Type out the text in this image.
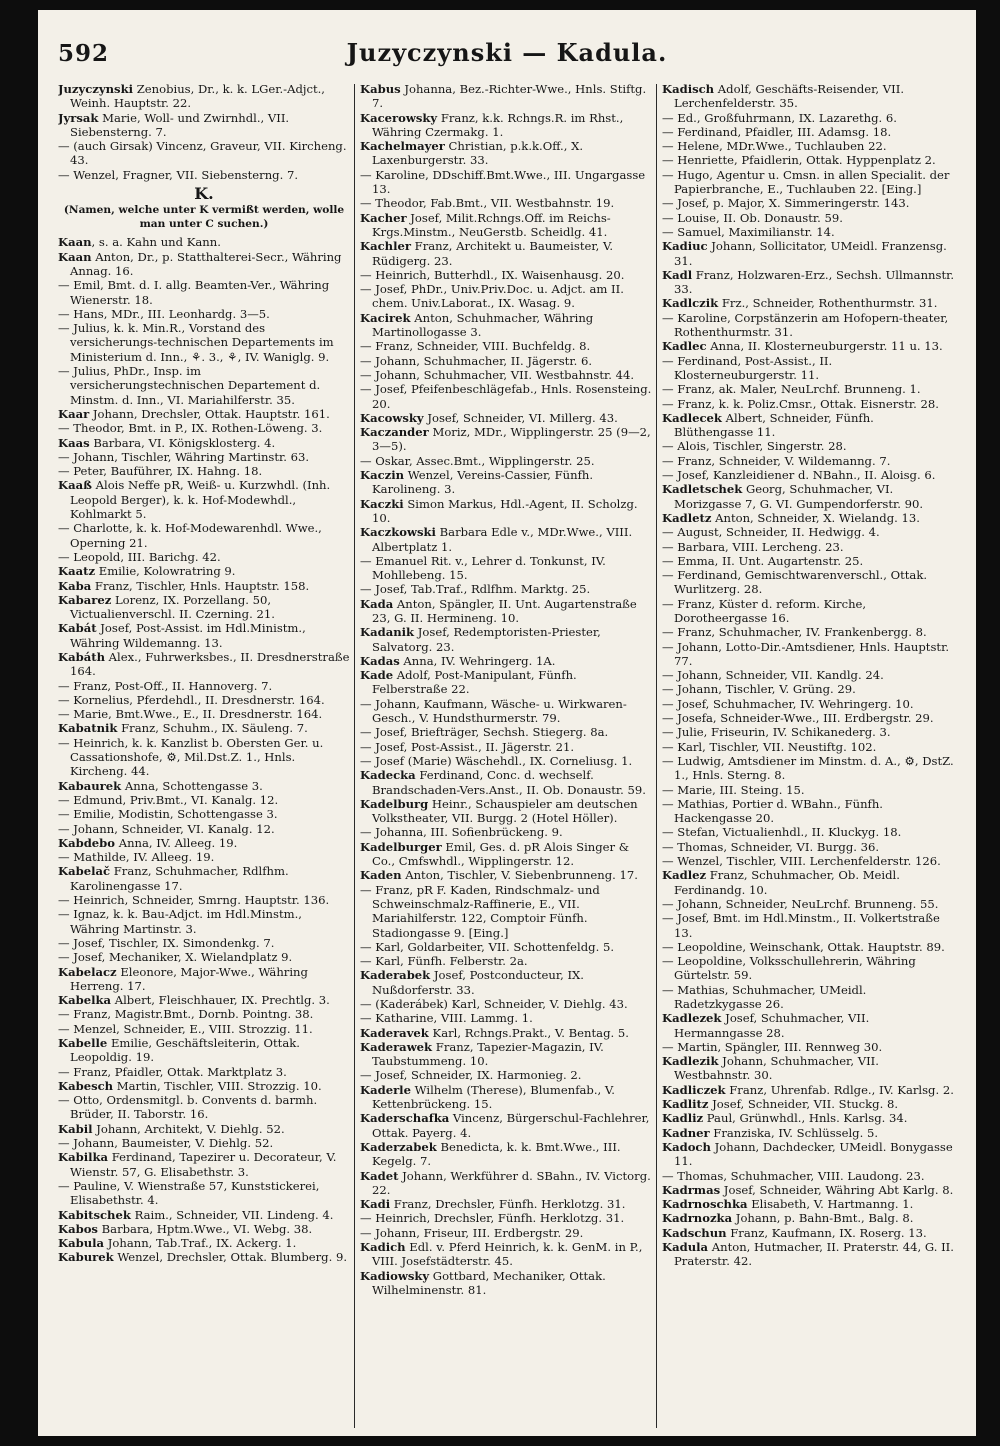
592	Juzyczynski — Kadula.

Juzyczynski Zenobius, Dr., k. k. LGer.-Adjct., Weinh. Hauptstr. 22.

Jyrsak Marie, Woll- und Zwirnhdl., VII. Siebensterng. 7.

— (auch Girsak) Vincenz, Graveur, VII. Kircheng. 43.

— Wenzel, Fragner, VII. Siebensterng. 7.

K.
(Namen, welche unter K vermißt werden, wolle man unter C suchen.)

Kaan, s. a. Kahn und Kann.

Kaan Anton, Dr., p. Statthalterei-Secr., Währing Annag. 16.

— Emil, Bmt. d. I. allg. Beamten-Ver., Währing Wienerstr. 18.

— Hans, MDr., III. Leonhardg. 3—5.

— Julius, k. k. Min.R., Vorstand des versicherungs-technischen Departements im Ministerium d. Inn., ⚘. 3., ⚘, IV. Waniglg. 9.

— Julius, PhDr., Insp. im versicherungstechnischen Departement d. Minstm. d. Inn., VI. Mariahilferstr. 35.

Kaar Johann, Drechsler, Ottak. Hauptstr. 161.

— Theodor, Bmt. in P., IX. Rothen-Löweng. 3.

Kaas Barbara, VI. Königsklosterg. 4.

— Johann, Tischler, Währing Martinstr. 63.

— Peter, Bauführer, IX. Hahng. 18.

Kaaß Alois Neffe pR, Weiß- u. Kurzwhdl. (Inh. Leopold Berger), k. k. Hof-Modewhdl., Kohlmarkt 5.

— Charlotte, k. k. Hof-Modewarenhdl. Wwe., Operning 21.

— Leopold, III. Barichg. 42.

Kaatz Emilie, Kolowratring 9.

Kaba Franz, Tischler, Hnls. Hauptstr. 158.

Kabarez Lorenz, IX. Porzellang. 50, Victualienverschl. II. Czerning. 21.

Kabát Josef, Post-Assist. im Hdl.Ministm., Währing Wildemanng. 13.

Kabáth Alex., Fuhrwerksbes., II. Dresdnerstraße 164.

— Franz, Post-Off., II. Hannoverg. 7.

— Kornelius, Pferdehdl., II. Dresdnerstr. 164.

— Marie, Bmt.Wwe., E., II. Dresdnerstr. 164.

Kabatnik Franz, Schuhm., IX. Säuleng. 7.

— Heinrich, k. k. Kanzlist b. Obersten Ger. u. Cassationshofe, ⚙, Mil.Dst.Z. 1., Hnls. Kircheng. 44.

Kabaurek Anna, Schottengasse 3.

— Edmund, Priv.Bmt., VI. Kanalg. 12.

— Emilie, Modistin, Schottengasse 3.

— Johann, Schneider, VI. Kanalg. 12.

Kabdebo Anna, IV. Alleeg. 19.

— Mathilde, IV. Alleeg. 19.

Kabelač Franz, Schuhmacher, Rdlfhm. Karolinengasse 17.

— Heinrich, Schneider, Smrng. Hauptstr. 136.

— Ignaz, k. k. Bau-Adjct. im Hdl.Minstm., Währing Martinstr. 3.

— Josef, Tischler, IX. Simondenkg. 7.

— Josef, Mechaniker, X. Wielandplatz 9.

Kabelacz Eleonore, Major-Wwe., Währing Herreng. 17.

Kabelka Albert, Fleischhauer, IX. Prechtlg. 3.

— Franz, Magistr.Bmt., Dornb. Pointng. 38.

— Menzel, Schneider, E., VIII. Strozzig. 11.

Kabelle Emilie, Geschäftsleiterin, Ottak. Leopoldig. 19.

— Franz, Pfaidler, Ottak. Marktplatz 3.

Kabesch Martin, Tischler, VIII. Strozzig. 10.

— Otto, Ordensmitgl. b. Convents d. barmh. Brüder, II. Taborstr. 16.

Kabil Johann, Architekt, V. Diehlg. 52.

— Johann, Baumeister, V. Diehlg. 52.

Kabilka Ferdinand, Tapezirer u. Decorateur, V. Wienstr. 57, G. Elisabethstr. 3.

— Pauline, V. Wienstraße 57, Kunststickerei, Elisabethstr. 4.

Kabitschek Raim., Schneider, VII. Lindeng. 4.

Kabos Barbara, Hptm.Wwe., VI. Webg. 38.

Kabula Johann, Tab.Traf., IX. Ackerg. 1.

Kaburek Wenzel, Drechsler, Ottak. Blumberg. 9.

Kabus Johanna, Bez.-Richter-Wwe., Hnls. Stiftg. 7.

Kacerowsky Franz, k.k. Rchngs.R. im Rhst., Währing Czermakg. 1.

Kachelmayer Christian, p.k.k.Off., X. Laxenburgerstr. 33.

— Karoline, DDschiff.Bmt.Wwe., III. Ungargasse 13.

— Theodor, Fab.Bmt., VII. Westbahnstr. 19.

Kacher Josef, Milit.Rchngs.Off. im Reichs-Krgs.Minstm., NeuGerstb. Scheidlg. 41.

Kachler Franz, Architekt u. Baumeister, V. Rüdigerg. 23.

— Heinrich, Butterhdl., IX. Waisenhausg. 20.

— Josef, PhDr., Univ.Priv.Doc. u. Adjct. am II. chem. Univ.Laborat., IX. Wasag. 9.

Kacirek Anton, Schuhmacher, Währing Martinollogasse 3.

— Franz, Schneider, VIII. Buchfeldg. 8.

— Johann, Schuhmacher, II. Jägerstr. 6.

— Johann, Schuhmacher, VII. Westbahnstr. 44.

— Josef, Pfeifenbeschlägefab., Hnls. Rosensteing. 20.

Kacowsky Josef, Schneider, VI. Millerg. 43.

Kaczander Moriz, MDr., Wipplingerstr. 25 (9—2, 3—5).

— Oskar, Assec.Bmt., Wipplingerstr. 25.

Kaczin Wenzel, Vereins-Cassier, Fünfh. Karolineng. 3.

Kaczki Simon Markus, Hdl.-Agent, II. Scholzg. 10.

Kaczkowski Barbara Edle v., MDr.Wwe., VIII. Albertplatz 1.

— Emanuel Rit. v., Lehrer d. Tonkunst, IV. Mohllebeng. 15.

— Josef, Tab.Traf., Rdlfhm. Marktg. 25.

Kada Anton, Spängler, II. Unt. Augartenstraße 23, G. II. Hermineng. 10.

Kadanik Josef, Redemptoristen-Priester, Salvatorg. 23.

Kadas Anna, IV. Wehringerg. 1A.

Kade Adolf, Post-Manipulant, Fünfh. Felberstraße 22.

— Johann, Kaufmann, Wäsche- u. Wirkwaren-Gesch., V. Hundsthurmerstr. 79.

— Josef, Briefträger, Sechsh. Stiegerg. 8a.

— Josef, Post-Assist., II. Jägerstr. 21.

— Josef (Marie) Wäschehdl., IX. Corneliusg. 1.

Kadecka Ferdinand, Conc. d. wechself. Brandschaden-Vers.Anst., II. Ob. Donaustr. 59.

Kadelburg Heinr., Schauspieler am deutschen Volkstheater, VII. Burgg. 2 (Hotel Höller).

— Johanna, III. Sofienbrückeng. 9.

Kadelburger Emil, Ges. d. pR Alois Singer & Co., Cmfswhdl., Wipplingerstr. 12.

Kaden Anton, Tischler, V. Siebenbrunneng. 17.

— Franz, pR F. Kaden, Rindschmalz- und Schweinschmalz-Raffinerie, E., VII. Mariahilferstr. 122, Comptoir Fünfh. Stadiongasse 9. [Eing.]

— Karl, Goldarbeiter, VII. Schottenfeldg. 5.

— Karl, Fünfh. Felberstr. 2a.

Kaderabek Josef, Postconducteur, IX. Nußdorferstr. 33.

— (Kaderábek) Karl, Schneider, V. Diehlg. 43.

— Katharine, VIII. Lammg. 1.

Kaderavek Karl, Rchngs.Prakt., V. Bentag. 5.

Kaderawek Franz, Tapezier-Magazin, IV. Taubstummeng. 10.

— Josef, Schneider, IX. Harmonieg. 2.

Kaderle Wilhelm (Therese), Blumenfab., V. Kettenbrückeng. 15.

Kaderschafka Vincenz, Bürgerschul-Fachlehrer, Ottak. Payerg. 4.

Kaderzabek Benedicta, k. k. Bmt.Wwe., III. Kegelg. 7.

Kadet Johann, Werkführer d. SBahn., IV. Victorg. 22.

Kadi Franz, Drechsler, Fünfh. Herklotzg. 31.

— Heinrich, Drechsler, Fünfh. Herklotzg. 31.

— Johann, Friseur, III. Erdbergstr. 29.

Kadich Edl. v. Pferd Heinrich, k. k. GenM. in P., VIII. Josefstädterstr. 45.

Kadiowsky Gottbard, Mechaniker, Ottak. Wilhelminenstr. 81.

Kadisch Adolf, Geschäfts-Reisender, VII. Lerchenfelderstr. 35.

— Ed., Großfuhrmann, IX. Lazarethg. 6.

— Ferdinand, Pfaidler, III. Adamsg. 18.

— Helene, MDr.Wwe., Tuchlauben 22.

— Henriette, Pfaidlerin, Ottak. Hyppenplatz 2.

— Hugo, Agentur u. Cmsn. in allen Specialit. der Papierbranche, E., Tuchlauben 22. [Eing.]

— Josef, p. Major, X. Simmeringerstr. 143.

— Louise, II. Ob. Donaustr. 59.

— Samuel, Maximilianstr. 14.

Kadiuc Johann, Sollicitator, UMeidl. Franzensg. 31.

Kadl Franz, Holzwaren-Erz., Sechsh. Ullmannstr. 33.

Kadlczik Frz., Schneider, Rothenthurmstr. 31.

— Karoline, Corpstänzerin am Hofopern-theater, Rothenthurmstr. 31.

Kadlec Anna, II. Klosterneuburgerstr. 11 u. 13.

— Ferdinand, Post-Assist., II. Klosterneuburgerstr. 11.

— Franz, ak. Maler, NeuLrchf. Brunneng. 1.

— Franz, k. k. Poliz.Cmsr., Ottak. Eisnerstr. 28.

Kadlecek Albert, Schneider, Fünfh. Blüthengasse 11.

— Alois, Tischler, Singerstr. 28.

— Franz, Schneider, V. Wildemanng. 7.

— Josef, Kanzleidiener d. NBahn., II. Aloisg. 6.

Kadletschek Georg, Schuhmacher, VI. Morizgasse 7, G. VI. Gumpendorferstr. 90.

Kadletz Anton, Schneider, X. Wielandg. 13.

— August, Schneider, II. Hedwigg. 4.

— Barbara, VIII. Lercheng. 23.

— Emma, II. Unt. Augartenstr. 25.

— Ferdinand, Gemischtwarenverschl., Ottak. Wurlitzerg. 28.

— Franz, Küster d. reform. Kirche, Dorotheergasse 16.

— Franz, Schuhmacher, IV. Frankenbergg. 8.

— Johann, Lotto-Dir.-Amtsdiener, Hnls. Hauptstr. 77.

— Johann, Schneider, VII. Kandlg. 24.

— Johann, Tischler, V. Grüng. 29.

— Josef, Schuhmacher, IV. Wehringerg. 10.

— Josefa, Schneider-Wwe., III. Erdbergstr. 29.

— Julie, Friseurin, IV. Schikanederg. 3.

— Karl, Tischler, VII. Neustiftg. 102.

— Ludwig, Amtsdiener im Minstm. d. A., ⚙, DstZ. 1., Hnls. Sterng. 8.

— Marie, III. Steing. 15.

— Mathias, Portier d. WBahn., Fünfh. Hackengasse 20.

— Stefan, Victualienhdl., II. Kluckyg. 18.

— Thomas, Schneider, VI. Burgg. 36.

— Wenzel, Tischler, VIII. Lerchenfelderstr. 126.

Kadlez Franz, Schuhmacher, Ob. Meidl. Ferdinandg. 10.

— Johann, Schneider, NeuLrchf. Brunneng. 55.

— Josef, Bmt. im Hdl.Minstm., II. Volkertstraße 13.

— Leopoldine, Weinschank, Ottak. Hauptstr. 89.

— Leopoldine, Volksschullehrerin, Währing Gürtelstr. 59.

— Mathias, Schuhmacher, UMeidl. Radetzkygasse 26.

Kadlezek Josef, Schuhmacher, VII. Hermanngasse 28.

— Martin, Spängler, III. Rennweg 30.

Kadlezik Johann, Schuhmacher, VII. Westbahnstr. 30.

Kadliczek Franz, Uhrenfab. Rdlge., IV. Karlsg. 2.

Kadlitz Josef, Schneider, VII. Stuckg. 8.

Kadliz Paul, Grünwhdl., Hnls. Karlsg. 34.

Kadner Franziska, IV. Schlüsselg. 5.

Kadoch Johann, Dachdecker, UMeidl. Bonygasse 11.

— Thomas, Schuhmacher, VIII. Laudong. 23.

Kadrmas Josef, Schneider, Währing Abt Karlg. 8.

Kadrnoschka Elisabeth, V. Hartmanng. 1.

Kadrnozka Johann, p. Bahn-Bmt., Balg. 8.

Kadschun Franz, Kaufmann, IX. Roserg. 13.

Kadula Anton, Hutmacher, II. Praterstr. 44, G. II. Praterstr. 42.
